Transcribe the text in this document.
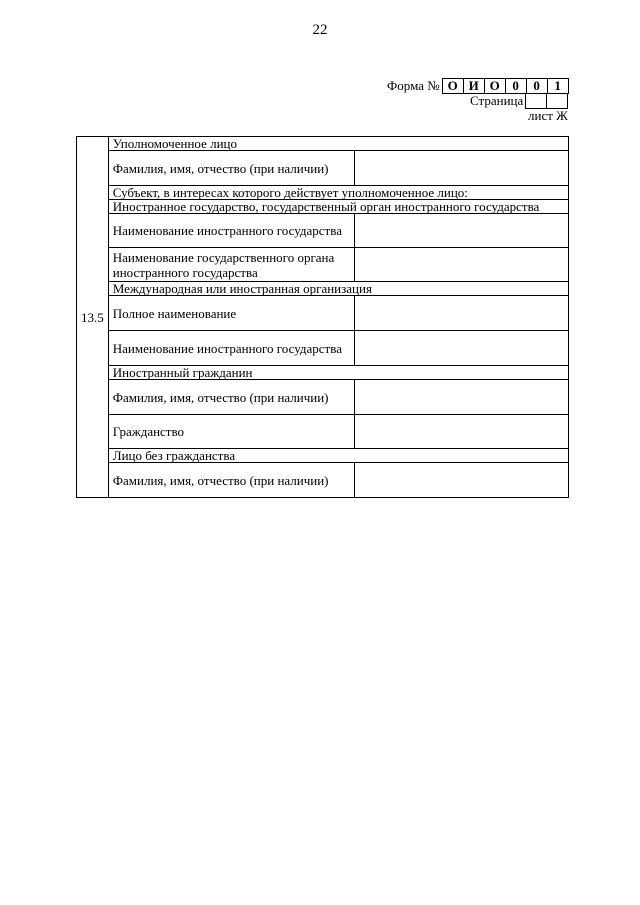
22
Форма № О И О 0	0	1
Страница
лист Ж
13.5	Уполномоченное лицо	
	Фамилия, имя, отчество (при наличии)	
	Субъект, в интересах которого действует уполномоченное лицо:	
	Иностранное государство, государственный орган иностранного государства	
	Наименование иностранного государства	
	Наименование государственного органа иностранного государства	
	Международная или иностранная организация	
	Полное наименование	
	Наименование иностранного государства	
	Иностранный гражданин	
	Фамилия, имя, отчество (при наличии)	
	Гражданство	
	Лицо без гражданства	
	Фамилия, имя, отчество (при наличии)	
